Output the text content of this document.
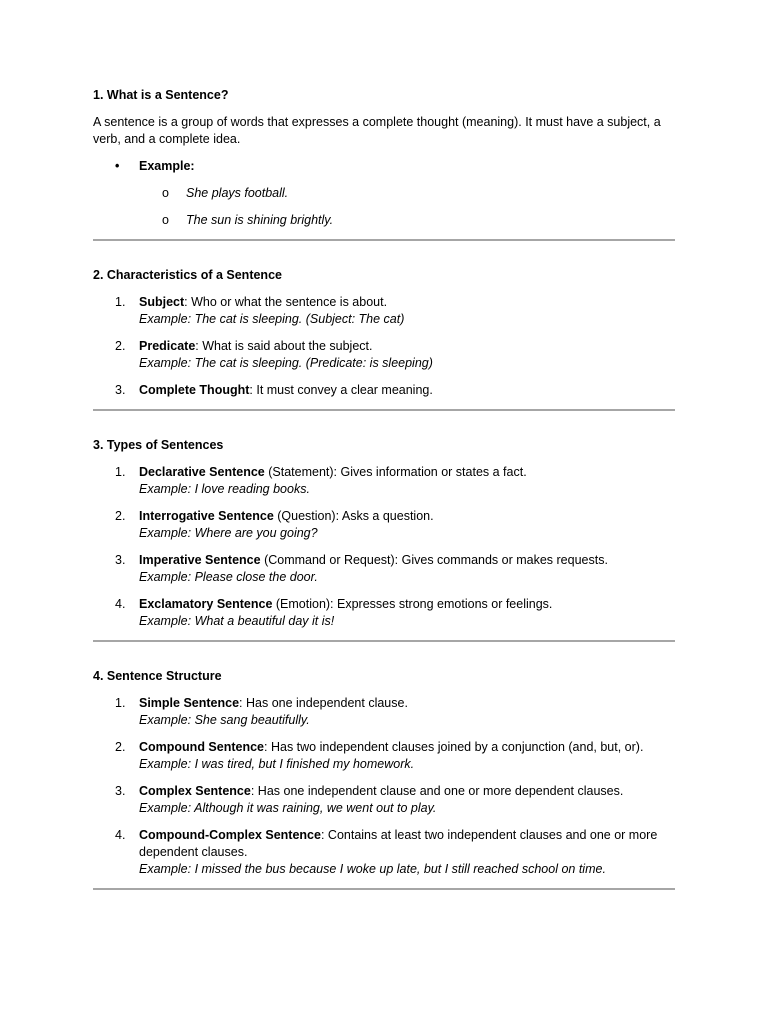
1. What is a Sentence?

A sentence is a group of words that expresses a complete thought (meaning). It must have a subject, a verb, and a complete idea.

• Example:
o She plays football.
o The sun is shining brightly.
2. Characteristics of a Sentence
1. Subject: Who or what the sentence is about.
Example: The cat is sleeping. (Subject: The cat)
2. Predicate: What is said about the subject.
Example: The cat is sleeping. (Predicate: is sleeping)
3. Complete Thought: It must convey a clear meaning.
3. Types of Sentences
1. Declarative Sentence (Statement): Gives information or states a fact.
Example: I love reading books.
2. Interrogative Sentence (Question): Asks a question.
Example: Where are you going?
3. Imperative Sentence (Command or Request): Gives commands or makes requests.
Example: Please close the door.
4. Exclamatory Sentence (Emotion): Expresses strong emotions or feelings.
Example: What a beautiful day it is!
4. Sentence Structure
1. Simple Sentence: Has one independent clause.
Example: She sang beautifully.
2. Compound Sentence: Has two independent clauses joined by a conjunction (and, but, or).
Example: I was tired, but I finished my homework.
3. Complex Sentence: Has one independent clause and one or more dependent clauses.
Example: Although it was raining, we went out to play.
4. Compound-Complex Sentence: Contains at least two independent clauses and one or more dependent clauses.
Example: I missed the bus because I woke up late, but I still reached school on time.
